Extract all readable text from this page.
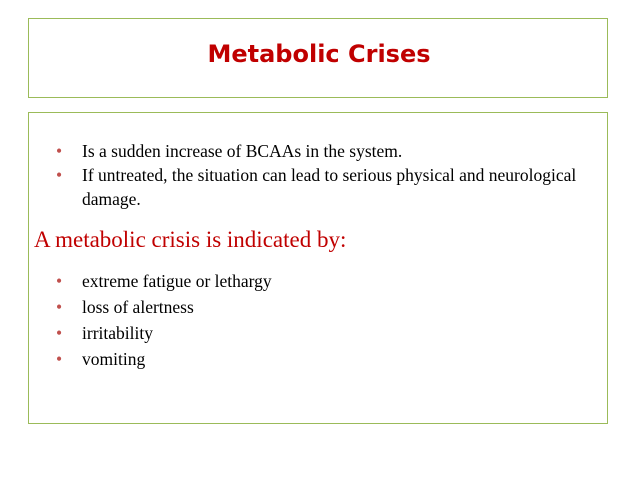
Metabolic Crises
• Is a sudden increase of BCAAs in the system.
• If untreated, the situation can lead to serious physical and neurological damage.
A metabolic crisis is indicated by:
• extreme fatigue or lethargy
• loss of alertness
• irritability
• vomiting
